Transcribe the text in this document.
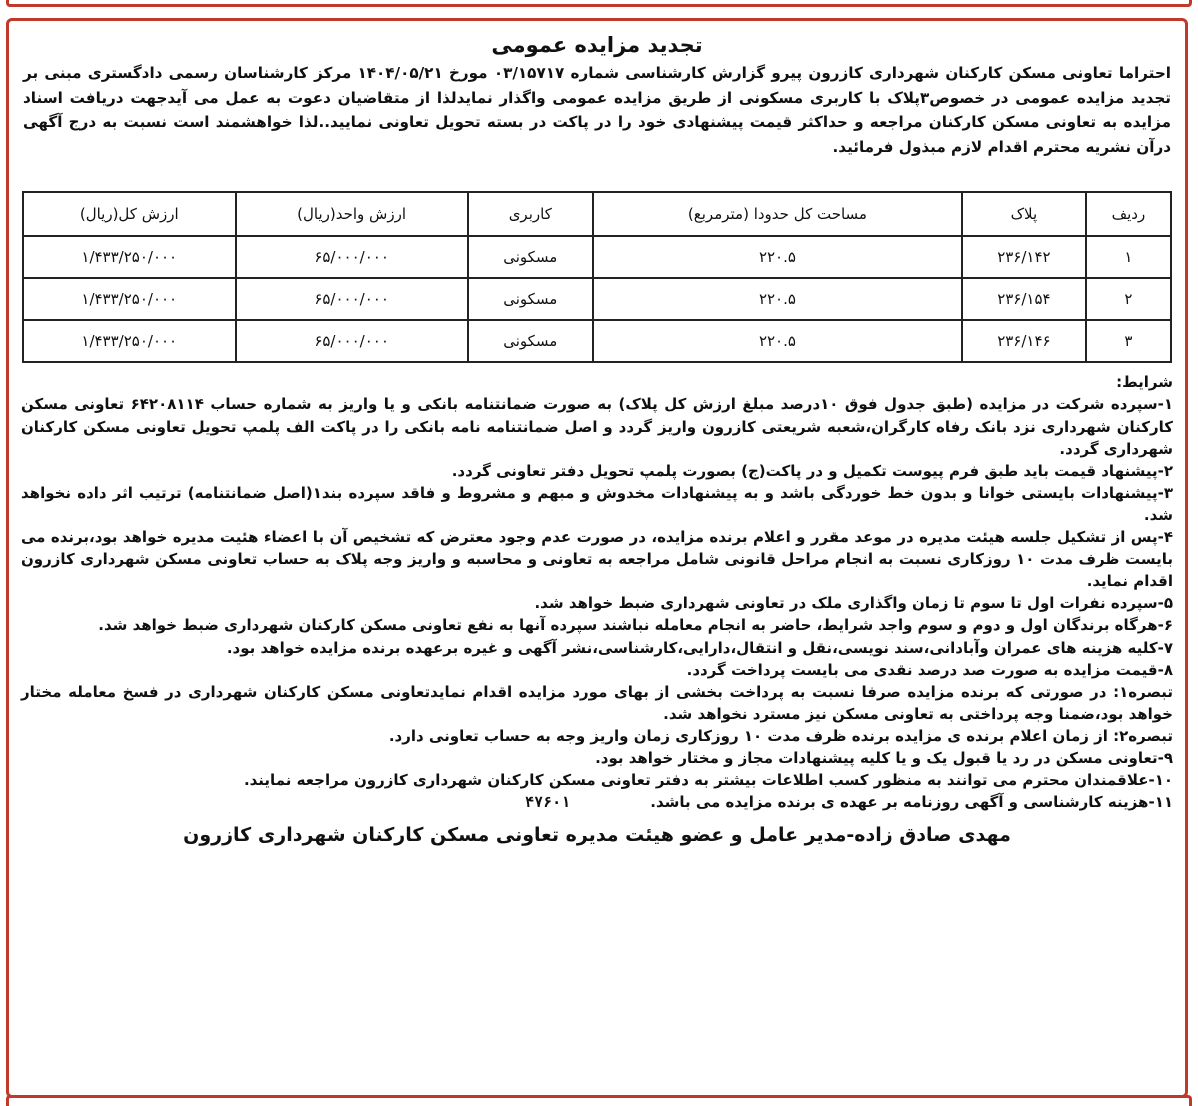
تجدید مزایده عمومی

احتراما تعاونی مسکن کارکنان شهرداری کازرون پیرو گزارش کارشناسی شماره ۰۳/۱۵۷۱۷ مورخ ۱۴۰۴/۰۵/۲۱ مرکز کارشناسان رسمی دادگستری مبنی بر تجدید مزایده عمومی در خصوص۳پلاک با کاربری مسکونی از طریق مزایده عمومی واگذار نمایدلذا از متقاضیان دعوت به عمل می آیدجهت دریافت اسناد مزایده به تعاونی مسکن کارکنان مراجعه و حداکثر قیمت پیشنهادی خود را در پاکت در بسته تحویل تعاونی نمایید..لذا خواهشمند است نسبت به درج آگهی درآن نشریه محترم اقدام لازم مبذول فرمائید.

ردیف	پلاک	مساحت کل حدودا (مترمربع)	کاربری	ارزش واحد(ریال)	ارزش کل(ریال)
۱	۲۳۶/۱۴۲	۲۲۰.۵	مسکونی	۶۵/۰۰۰/۰۰۰	۱/۴۳۳/۲۵۰/۰۰۰
۲	۲۳۶/۱۵۴	۲۲۰.۵	مسکونی	۶۵/۰۰۰/۰۰۰	۱/۴۳۳/۲۵۰/۰۰۰
۳	۲۳۶/۱۴۶	۲۲۰.۵	مسکونی	۶۵/۰۰۰/۰۰۰	۱/۴۳۳/۲۵۰/۰۰۰

شرایط:

۱-سپرده شرکت در مزایده (طبق جدول فوق ۱۰درصد مبلغ ارزش کل پلاک) به صورت ضمانتنامه بانکی و یا واریز به شماره حساب ۶۴۲۰۸۱۱۴ تعاونی مسکن کارکنان شهرداری نزد بانک رفاه کارگران،شعبه شریعتی کازرون واریز گردد و اصل ضمانتنامه نامه بانکی را در پاکت الف پلمپ تحویل تعاونی مسکن کارکنان شهرداری گردد.

۲-پیشنهاد قیمت باید طبق فرم پیوست تکمیل و در پاکت(ج) بصورت پلمپ تحویل دفتر تعاونی گردد.

۳-پیشنهادات بایستی خوانا و بدون خط خوردگی باشد و به پیشنهادات مخدوش و مبهم و مشروط و فاقد سپرده بند۱(اصل ضمانتنامه) ترتیب اثر داده نخواهد شد.

۴-پس از تشکیل جلسه هیئت مدیره در موعد مقرر و اعلام برنده مزایده، در صورت عدم وجود معترض که تشخیص آن با اعضاء هئیت مدیره خواهد بود،برنده می بایست ظرف مدت ۱۰ روزکاری نسبت به انجام مراحل قانونی شامل مراجعه به تعاونی و محاسبه و واریز وجه پلاک به حساب تعاونی مسکن شهرداری کازرون اقدام نماید.

۵-سپرده نفرات اول تا سوم تا زمان واگذاری ملک در تعاونی شهرداری ضبط خواهد شد.

۶-هرگاه برندگان اول و دوم و سوم واجد شرایط، حاضر به انجام معامله نباشند سپرده آنها به نفع تعاونی مسکن کارکنان شهرداری ضبط خواهد شد.

۷-کلیه هزینه های عمران وآبادانی،سند نویسی،نقل و انتقال،دارایی،کارشناسی،نشر آگهی و غیره برعهده برنده مزایده خواهد بود.

۸-قیمت مزایده به صورت صد درصد نقدی می بایست پرداخت گردد.

تبصره۱: در صورتی که برنده مزایده صرفا نسبت به پرداخت بخشی از بهای مورد مزایده اقدام نمایدتعاونی مسکن کارکنان شهرداری در فسخ معامله مختار خواهد بود،ضمنا وجه پرداختی به تعاونی مسکن نیز مسترد نخواهد شد.

تبصره۲: از زمان اعلام برنده ی مزایده برنده ظرف مدت ۱۰ روزکاری زمان واریز وجه به حساب تعاونی دارد.

۹-تعاونی مسکن در رد یا قبول یک و یا کلیه پیشنهادات مجاز و مختار خواهد بود.

۱۰-علاقمندان محترم می توانند به منظور کسب اطلاعات بیشتر به دفتر تعاونی مسکن کارکنان شهرداری کازرون مراجعه نمایند.

۱۱-هزینه کارشناسی و آگهی روزنامه بر عهده ی برنده مزایده می باشد.
۴۷۶۰۱
مهدی صادق زاده-مدیر عامل و عضو هیئت مدیره تعاونی مسکن کارکنان شهرداری کازرون
